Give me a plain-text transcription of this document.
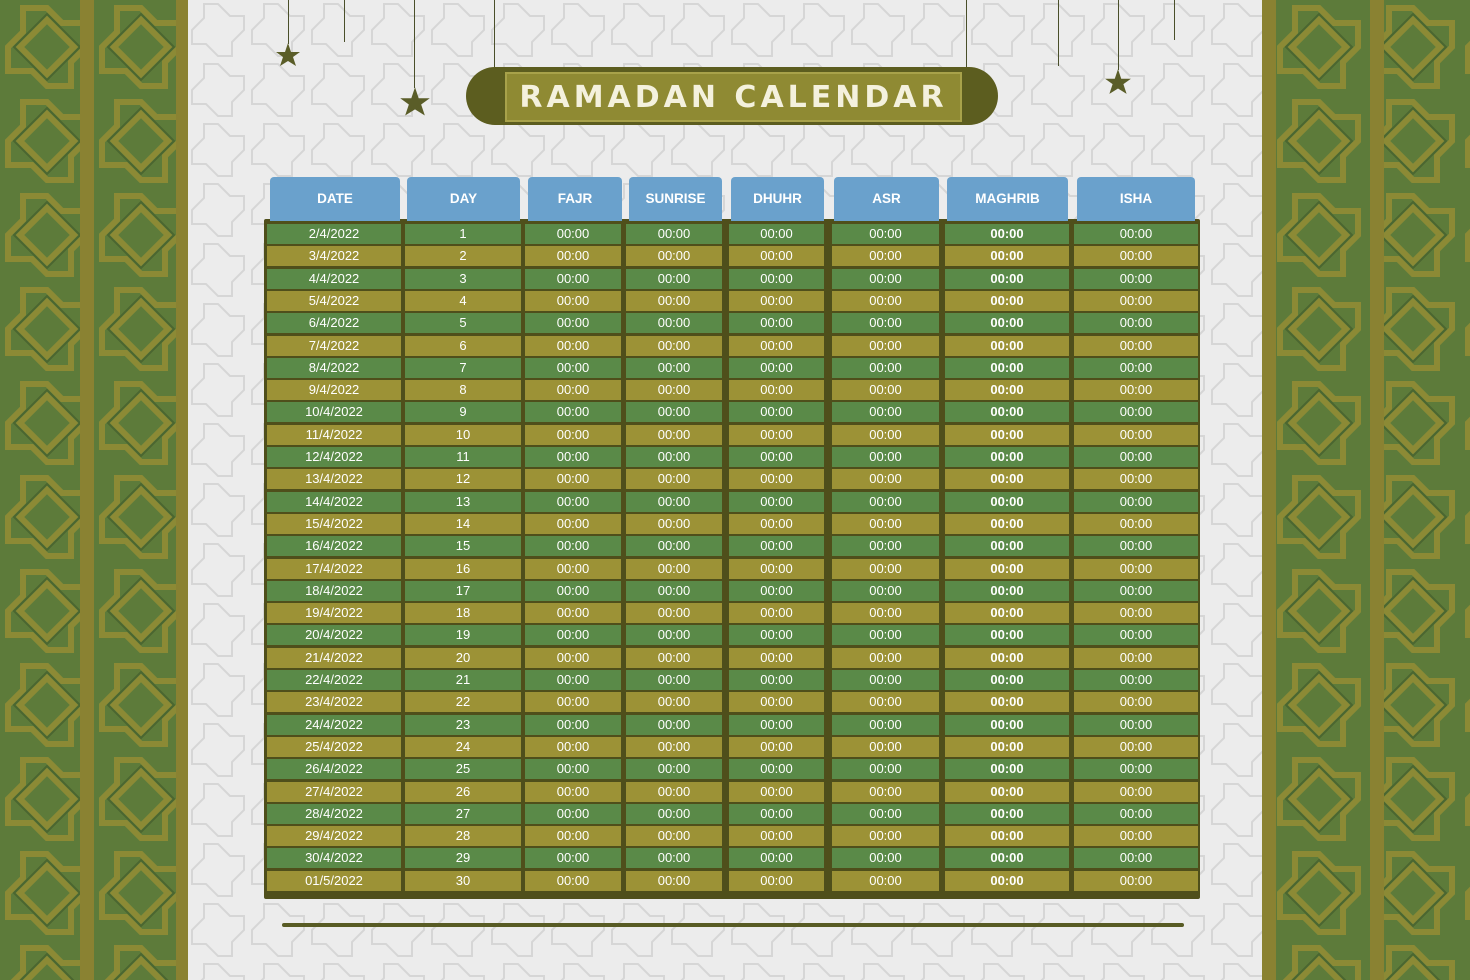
RAMADAN CALENDAR
DATE	DAY	FAJR	SUNRISE	DHUHR	ASR	MAGHRIB	ISHA
2/4/2022	1	00:00	00:00	00:00	00:00	00:00	00:00
3/4/2022	2	00:00	00:00	00:00	00:00	00:00	00:00
4/4/2022	3	00:00	00:00	00:00	00:00	00:00	00:00
5/4/2022	4	00:00	00:00	00:00	00:00	00:00	00:00
6/4/2022	5	00:00	00:00	00:00	00:00	00:00	00:00
7/4/2022	6	00:00	00:00	00:00	00:00	00:00	00:00
8/4/2022	7	00:00	00:00	00:00	00:00	00:00	00:00
9/4/2022	8	00:00	00:00	00:00	00:00	00:00	00:00
10/4/2022	9	00:00	00:00	00:00	00:00	00:00	00:00
11/4/2022	10	00:00	00:00	00:00	00:00	00:00	00:00
12/4/2022	11	00:00	00:00	00:00	00:00	00:00	00:00
13/4/2022	12	00:00	00:00	00:00	00:00	00:00	00:00
14/4/2022	13	00:00	00:00	00:00	00:00	00:00	00:00
15/4/2022	14	00:00	00:00	00:00	00:00	00:00	00:00
16/4/2022	15	00:00	00:00	00:00	00:00	00:00	00:00
17/4/2022	16	00:00	00:00	00:00	00:00	00:00	00:00
18/4/2022	17	00:00	00:00	00:00	00:00	00:00	00:00
19/4/2022	18	00:00	00:00	00:00	00:00	00:00	00:00
20/4/2022	19	00:00	00:00	00:00	00:00	00:00	00:00
21/4/2022	20	00:00	00:00	00:00	00:00	00:00	00:00
22/4/2022	21	00:00	00:00	00:00	00:00	00:00	00:00
23/4/2022	22	00:00	00:00	00:00	00:00	00:00	00:00
24/4/2022	23	00:00	00:00	00:00	00:00	00:00	00:00
25/4/2022	24	00:00	00:00	00:00	00:00	00:00	00:00
26/4/2022	25	00:00	00:00	00:00	00:00	00:00	00:00
27/4/2022	26	00:00	00:00	00:00	00:00	00:00	00:00
28/4/2022	27	00:00	00:00	00:00	00:00	00:00	00:00
29/4/2022	28	00:00	00:00	00:00	00:00	00:00	00:00
30/4/2022	29	00:00	00:00	00:00	00:00	00:00	00:00
01/5/2022	30	00:00	00:00	00:00	00:00	00:00	00:00
